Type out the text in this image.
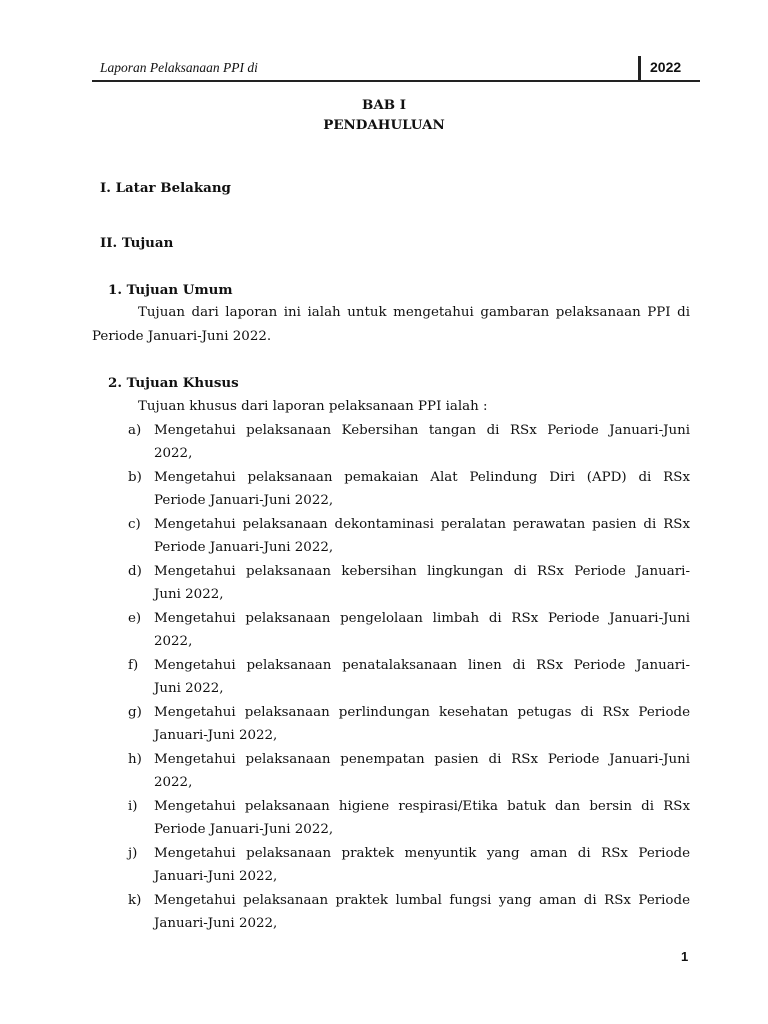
Laporan Pelaksanaan PPI di	2022
BAB I
PENDAHULUAN
I. Latar Belakang
II. Tujuan
1. Tujuan Umum
Tujuan dari laporan ini ialah untuk mengetahui gambaran pelaksanaan PPI di
Periode Januari-Juni 2022.
2. Tujuan Khusus
Tujuan khusus dari laporan pelaksanaan PPI ialah :
a) Mengetahui pelaksanaan Kebersihan tangan di RSx Periode Januari-Juni
2022,
b) Mengetahui pelaksanaan pemakaian Alat Pelindung Diri (APD) di RSx
Periode Januari-Juni 2022,
c) Mengetahui pelaksanaan dekontaminasi peralatan perawatan pasien di RSx
Periode Januari-Juni 2022,
d) Mengetahui pelaksanaan kebersihan lingkungan di RSx Periode Januari-
Juni 2022,
e) Mengetahui pelaksanaan pengelolaan limbah di RSx Periode Januari-Juni
2022,
f) Mengetahui pelaksanaan penatalaksanaan linen di RSx Periode Januari-
Juni 2022,
g) Mengetahui pelaksanaan perlindungan kesehatan petugas di RSx Periode
Januari-Juni 2022,
h) Mengetahui pelaksanaan penempatan pasien di RSx Periode Januari-Juni
2022,
i) Mengetahui pelaksanaan higiene respirasi/Etika batuk dan bersin di RSx
Periode Januari-Juni 2022,
j) Mengetahui pelaksanaan praktek menyuntik yang aman di RSx Periode
Januari-Juni 2022,
k) Mengetahui pelaksanaan praktek lumbal fungsi yang aman di RSx Periode
Januari-Juni 2022,
1
